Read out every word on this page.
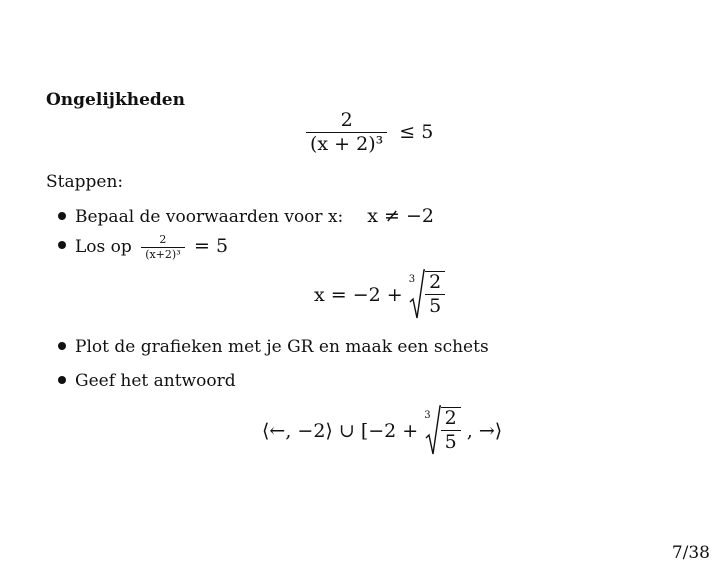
Ongelijkheden
$\frac{2}{\text{(x + 2)³}} \le 5$
Stappen:
Bepaal de voorwaarden voor x: x ≠ −2
Los op $\frac{2}{\text{(x+2)³}} = 5$
x = −2 +
$3 \frac{2}{5}$
Plot de grafieken met je GR en maak een schets
Geef het antwoord
⟨←, −2⟩ ∪ [−2 +
$3 \frac{2}{5}$ , →⟩
7/38
